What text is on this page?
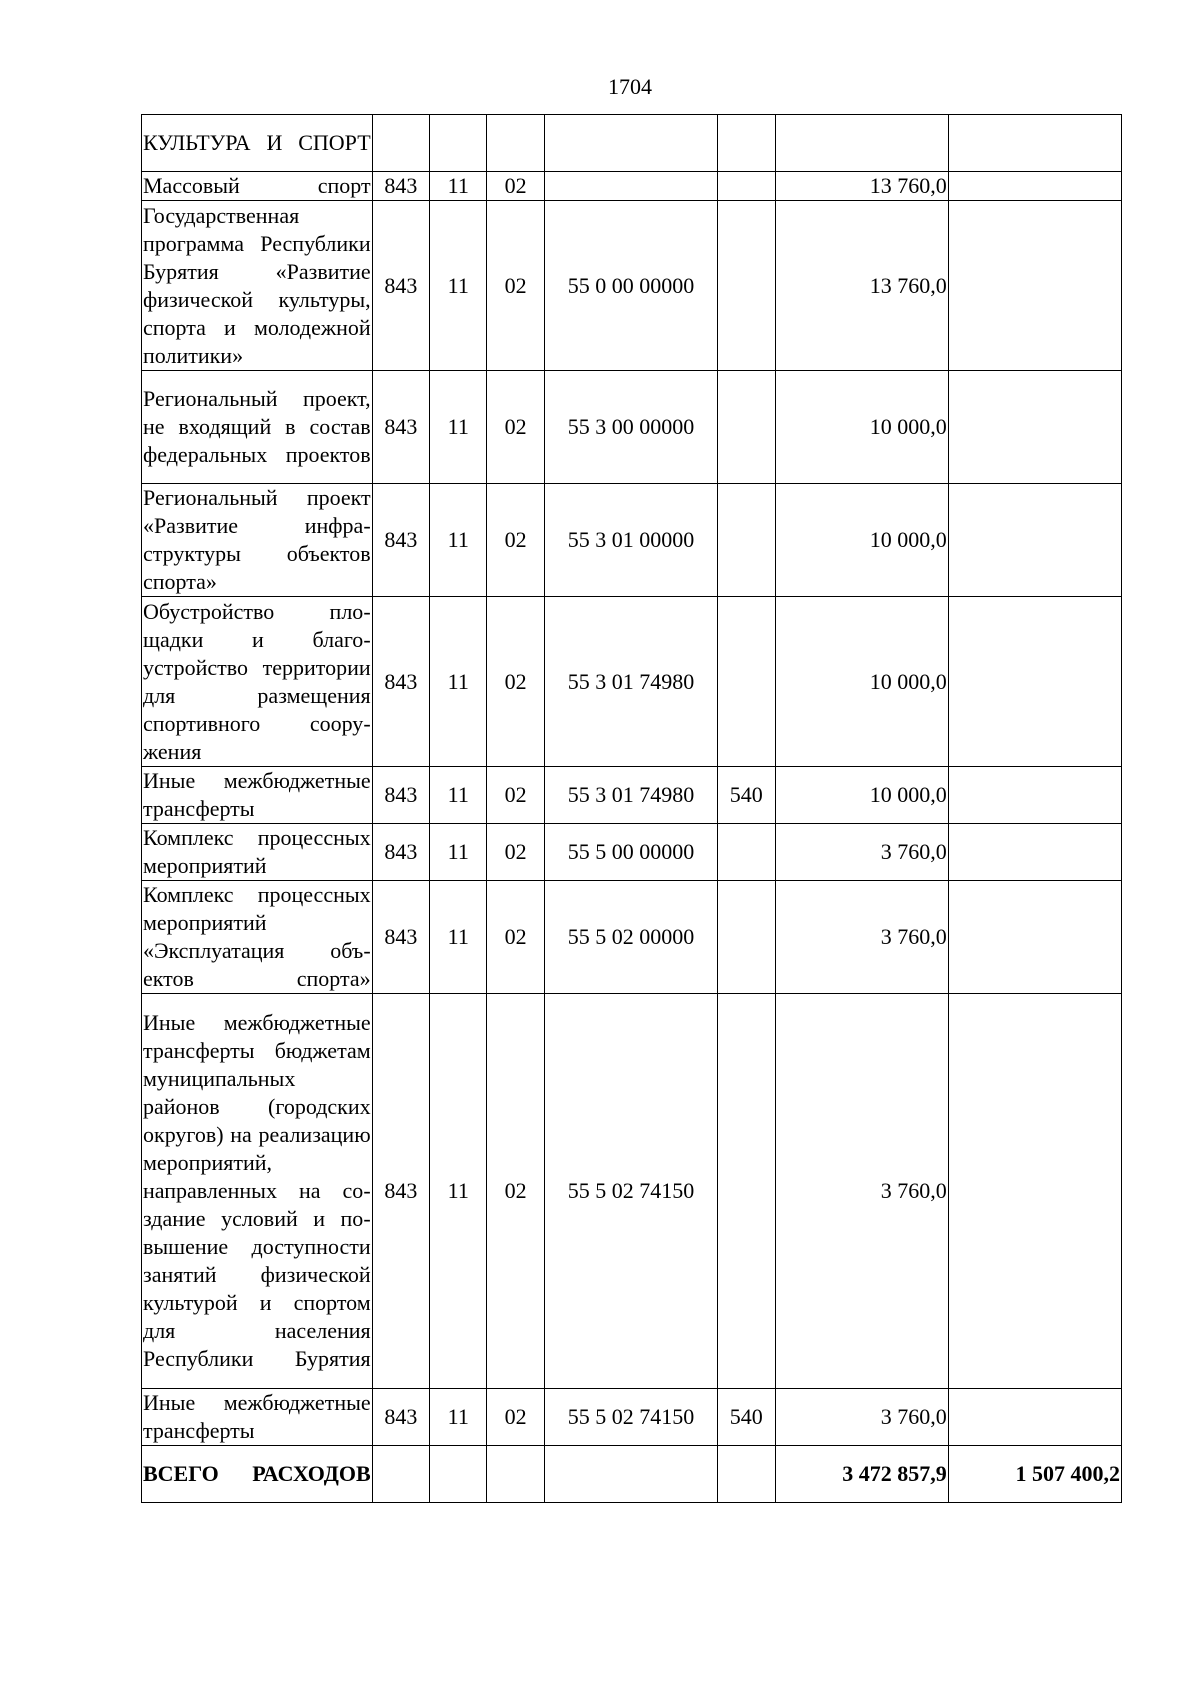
1704
КУЛЬТУРА И СПОРТ							
Массовый спорт	843	11	02			13 760,0	
Государственная программа Республики Бурятия «Развитие физической культуры, спорта и молодежной политики»	843	11	02	55 0 00 00000		13 760,0	
Региональный проект, не входящий в состав федеральных проектов	843	11	02	55 3 00 00000		10 000,0	
Региональный проект «Развитие инфраструктуры объектов спорта»	843	11	02	55 3 01 00000		10 000,0	
Обустройство площадки и благоустройство территории для размещения спортивного сооружения	843	11	02	55 3 01 74980		10 000,0	
Иные межбюджетные трансферты	843	11	02	55 3 01 74980	540	10 000,0	
Комплекс процессных мероприятий	843	11	02	55 5 00 00000		3 760,0	
Комплекс процессных мероприятий «Эксплуатация объектов спорта»	843	11	02	55 5 02 00000		3 760,0	
Иные межбюджетные трансферты бюджетам муниципальных районов (городских округов) на реализацию мероприятий, направленных на создание условий и повышение доступности занятий физической культурой и спортом для населения Республики Бурятия	843	11	02	55 5 02 74150		3 760,0	
Иные межбюджетные трансферты	843	11	02	55 5 02 74150	540	3 760,0	
ВСЕГО РАСХОДОВ						3 472 857,9	1 507 400,2
